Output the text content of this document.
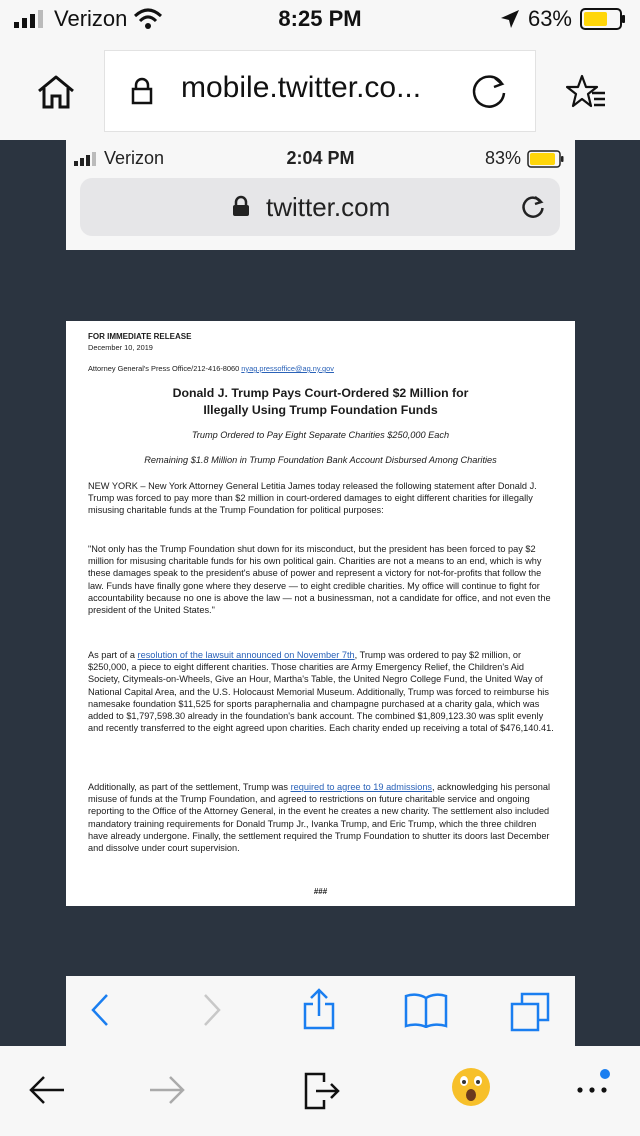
Verizon	8:25 PM	63%
mobile.twitter.co...
Verizon	2:04 PM	83%
twitter.com

FOR IMMEDIATE RELEASE

December 10, 2019

Attorney General's Press Office/212-416-8060 nyag.pressoffice@ag.ny.gov

Donald J. Trump Pays Court-Ordered $2 Million for
Illegally Using Trump Foundation Funds
Trump Ordered to Pay Eight Separate Charities $250,000 Each
Remaining $1.8 Million in Trump Foundation Bank Account Disbursed Among Charities

NEW YORK – New York Attorney General Letitia James today released the following statement after Donald J. Trump was forced to pay more than $2 million in court-ordered damages to eight different charities for illegally misusing charitable funds at the Trump Foundation for political purposes:

"Not only has the Trump Foundation shut down for its misconduct, but the president has been forced to pay $2 million for misusing charitable funds for his own political gain. Charities are not a means to an end, which is why these damages speak to the president's abuse of power and represent a victory for not-for-profits that follow the law. Funds have finally gone where they deserve — to eight credible charities. My office will continue to fight for accountability because no one is above the law — not a businessman, not a candidate for office, and not even the president of the United States."

As part of a resolution of the lawsuit announced on November 7th, Trump was ordered to pay $2 million, or $250,000, a piece to eight different charities. Those charities are Army Emergency Relief, the Children's Aid Society, Citymeals-on-Wheels, Give an Hour, Martha's Table, the United Negro College Fund, the United Way of National Capital Area, and the U.S. Holocaust Memorial Museum. Additionally, Trump was forced to reimburse his namesake foundation $11,525 for sports paraphernalia and champagne purchased at a charity gala, which was added to $1,797,598.30 already in the foundation's bank account. The combined $1,809,123.30 was split evenly and recently transferred to the eight agreed upon charities. Each charity ended up receiving a total of $476,140.41.

Additionally, as part of the settlement, Trump was required to agree to 19 admissions, acknowledging his personal misuse of funds at the Trump Foundation, and agreed to restrictions on future charitable service and ongoing reporting to the Office of the Attorney General, in the event he creates a new charity. The settlement also included mandatory training requirements for Donald Trump Jr., Ivanka Trump, and Eric Trump, which the three children have already undergone. Finally, the settlement required the Trump Foundation to shutter its doors last December and dissolve under court supervision.

###
